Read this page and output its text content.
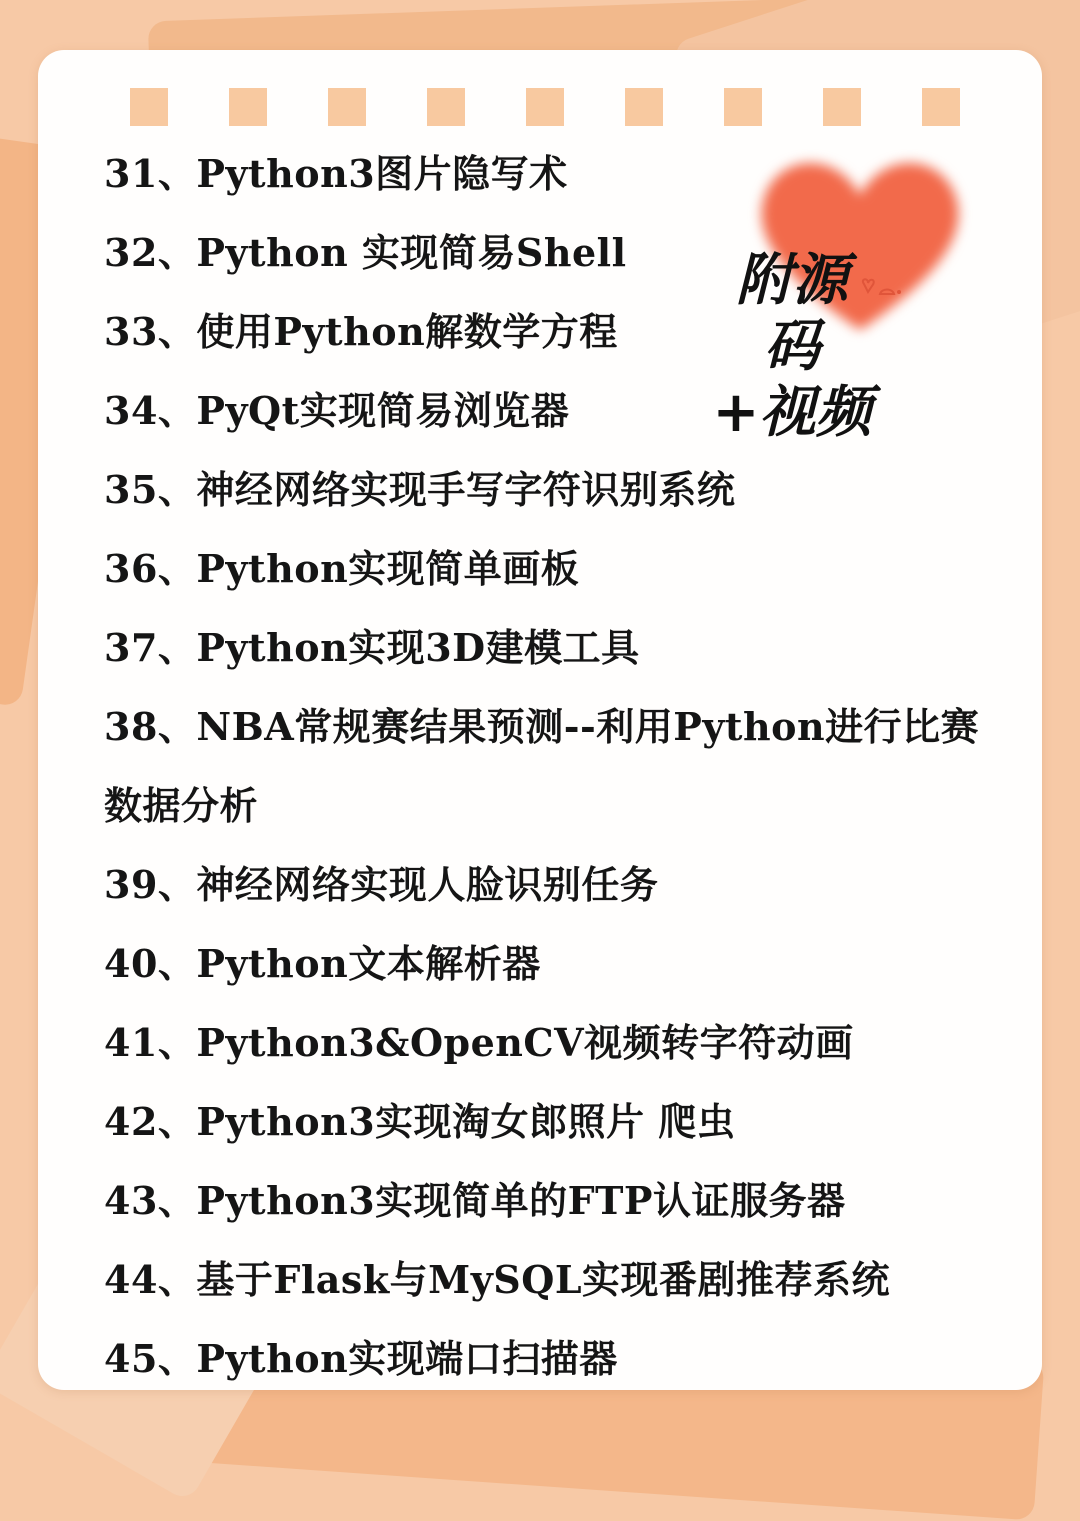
附源码
+视频
31、Python3图片隐写术
32、Python 实现简易Shell
33、使用Python解数学方程
34、PyQt实现简易浏览器
35、神经网络实现手写字符识别系统
36、Python实现简单画板
37、Python实现3D建模工具
38、NBA常规赛结果预测--利用Python进行比赛数据分析
39、神经网络实现人脸识别任务
40、Python文本解析器
41、Python3&OpenCV视频转字符动画
42、Python3实现淘女郎照片 爬虫
43、Python3实现简单的FTP认证服务器
44、基于Flask与MySQL实现番剧推荐系统
45、Python实现端口扫描器
